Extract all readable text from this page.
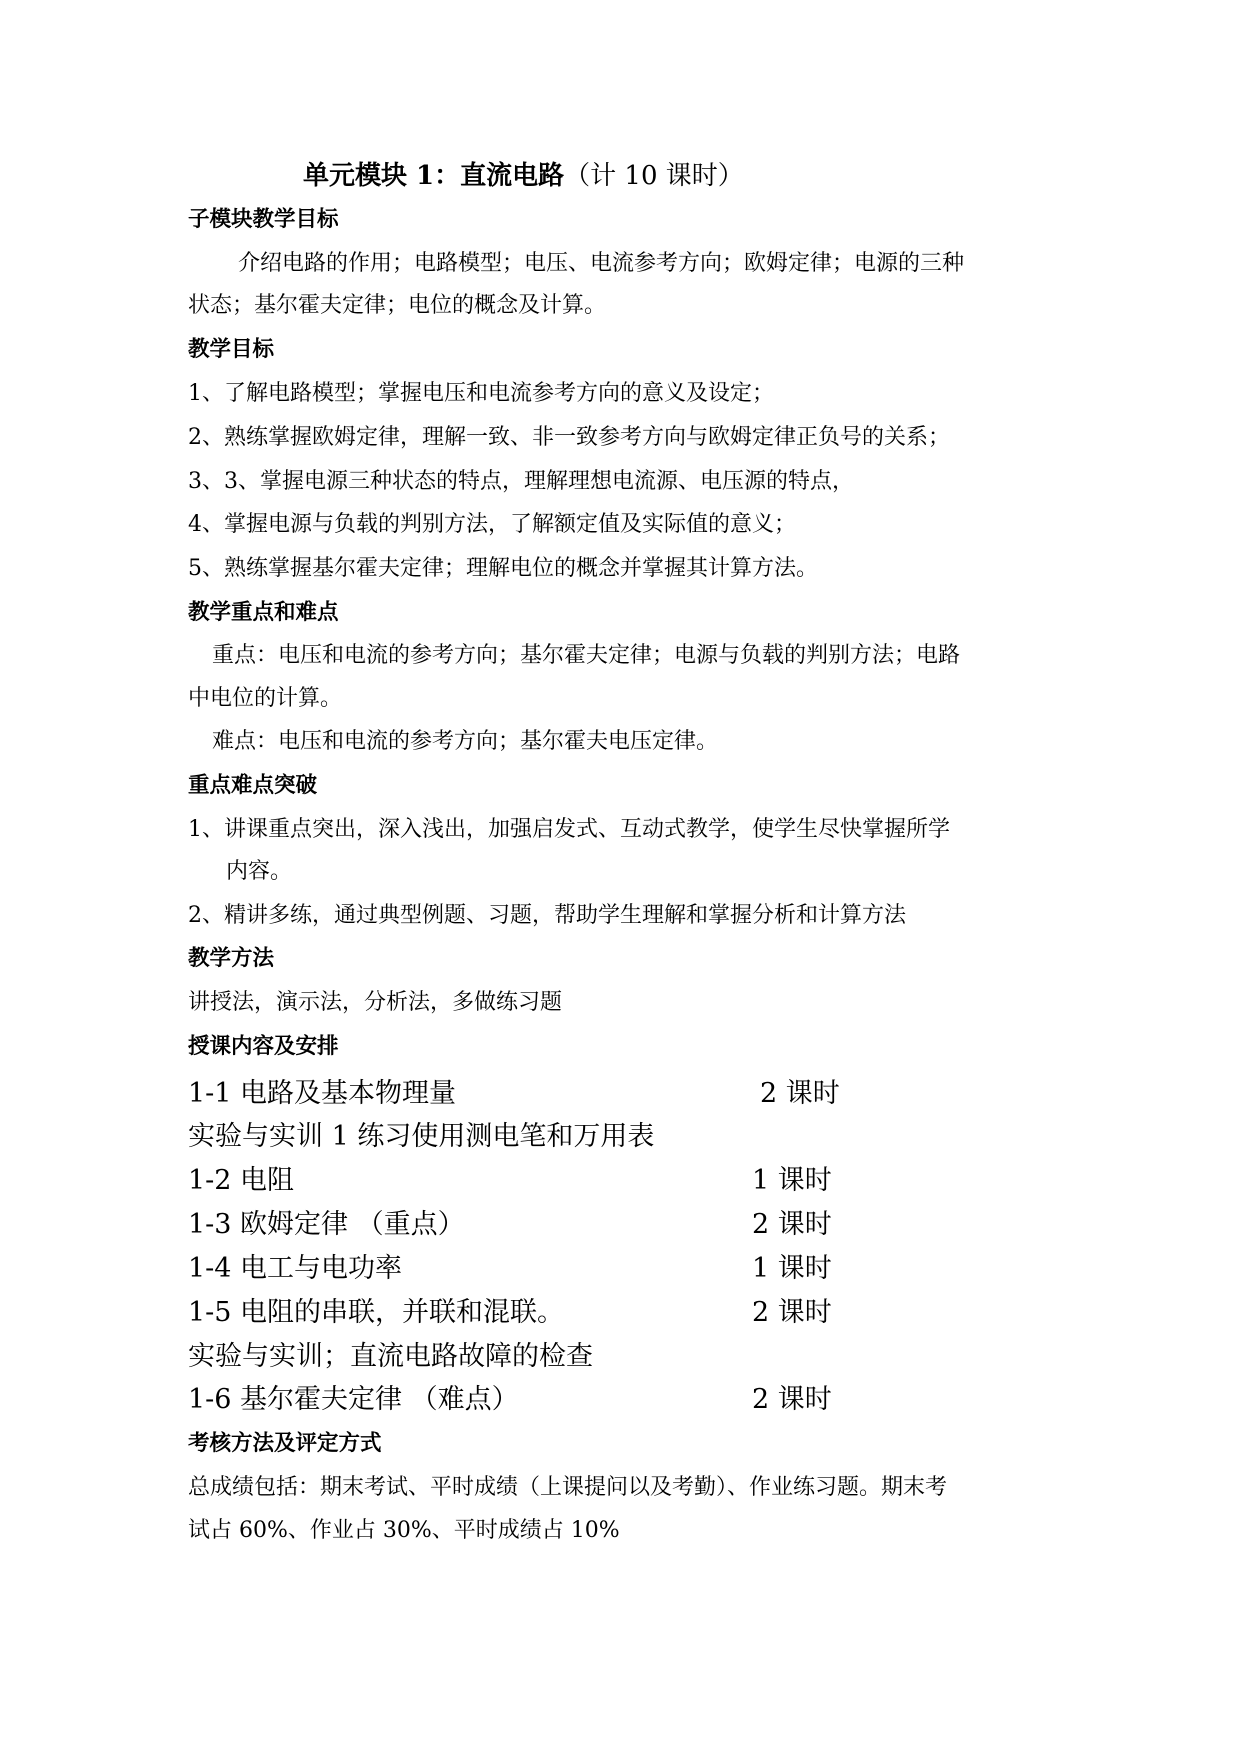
单元模块 1：直流电路（计 10 课时）
子模块教学目标
介绍电路的作用；电路模型；电压、电流参考方向；欧姆定律；电源的三种
状态；基尔霍夫定律；电位的概念及计算。
教学目标
1、了解电路模型；掌握电压和电流参考方向的意义及设定；
2、熟练掌握欧姆定律，理解一致、非一致参考方向与欧姆定律正负号的关系；
3、3、掌握电源三种状态的特点，理解理想电流源、电压源的特点，
4、掌握电源与负载的判别方法，了解额定值及实际值的意义；
5、熟练掌握基尔霍夫定律；理解电位的概念并掌握其计算方法。
教学重点和难点
重点：电压和电流的参考方向；基尔霍夫定律；电源与负载的判别方法；电路
中电位的计算。
难点：电压和电流的参考方向；基尔霍夫电压定律。
重点难点突破
1、讲课重点突出，深入浅出，加强启发式、互动式教学，使学生尽快掌握所学
内容。
2、精讲多练，通过典型例题、习题，帮助学生理解和掌握分析和计算方法
教学方法
讲授法，演示法，分析法，多做练习题
授课内容及安排
1-1 电路及基本物理量	2 课时
实验与实训 1 练习使用测电笔和万用表
1-2 电阻	1 课时
1-3 欧姆定律 （重点）	2 课时
1-4 电工与电功率	1 课时
1-5 电阻的串联，并联和混联。	2 课时
实验与实训；直流电路故障的检查
1-6 基尔霍夫定律 （难点）	2 课时
考核方法及评定方式
总成绩包括：期末考试、平时成绩（上课提问以及考勤）、作业练习题。期末考
试占 60%、作业占 30%、平时成绩占 10%
